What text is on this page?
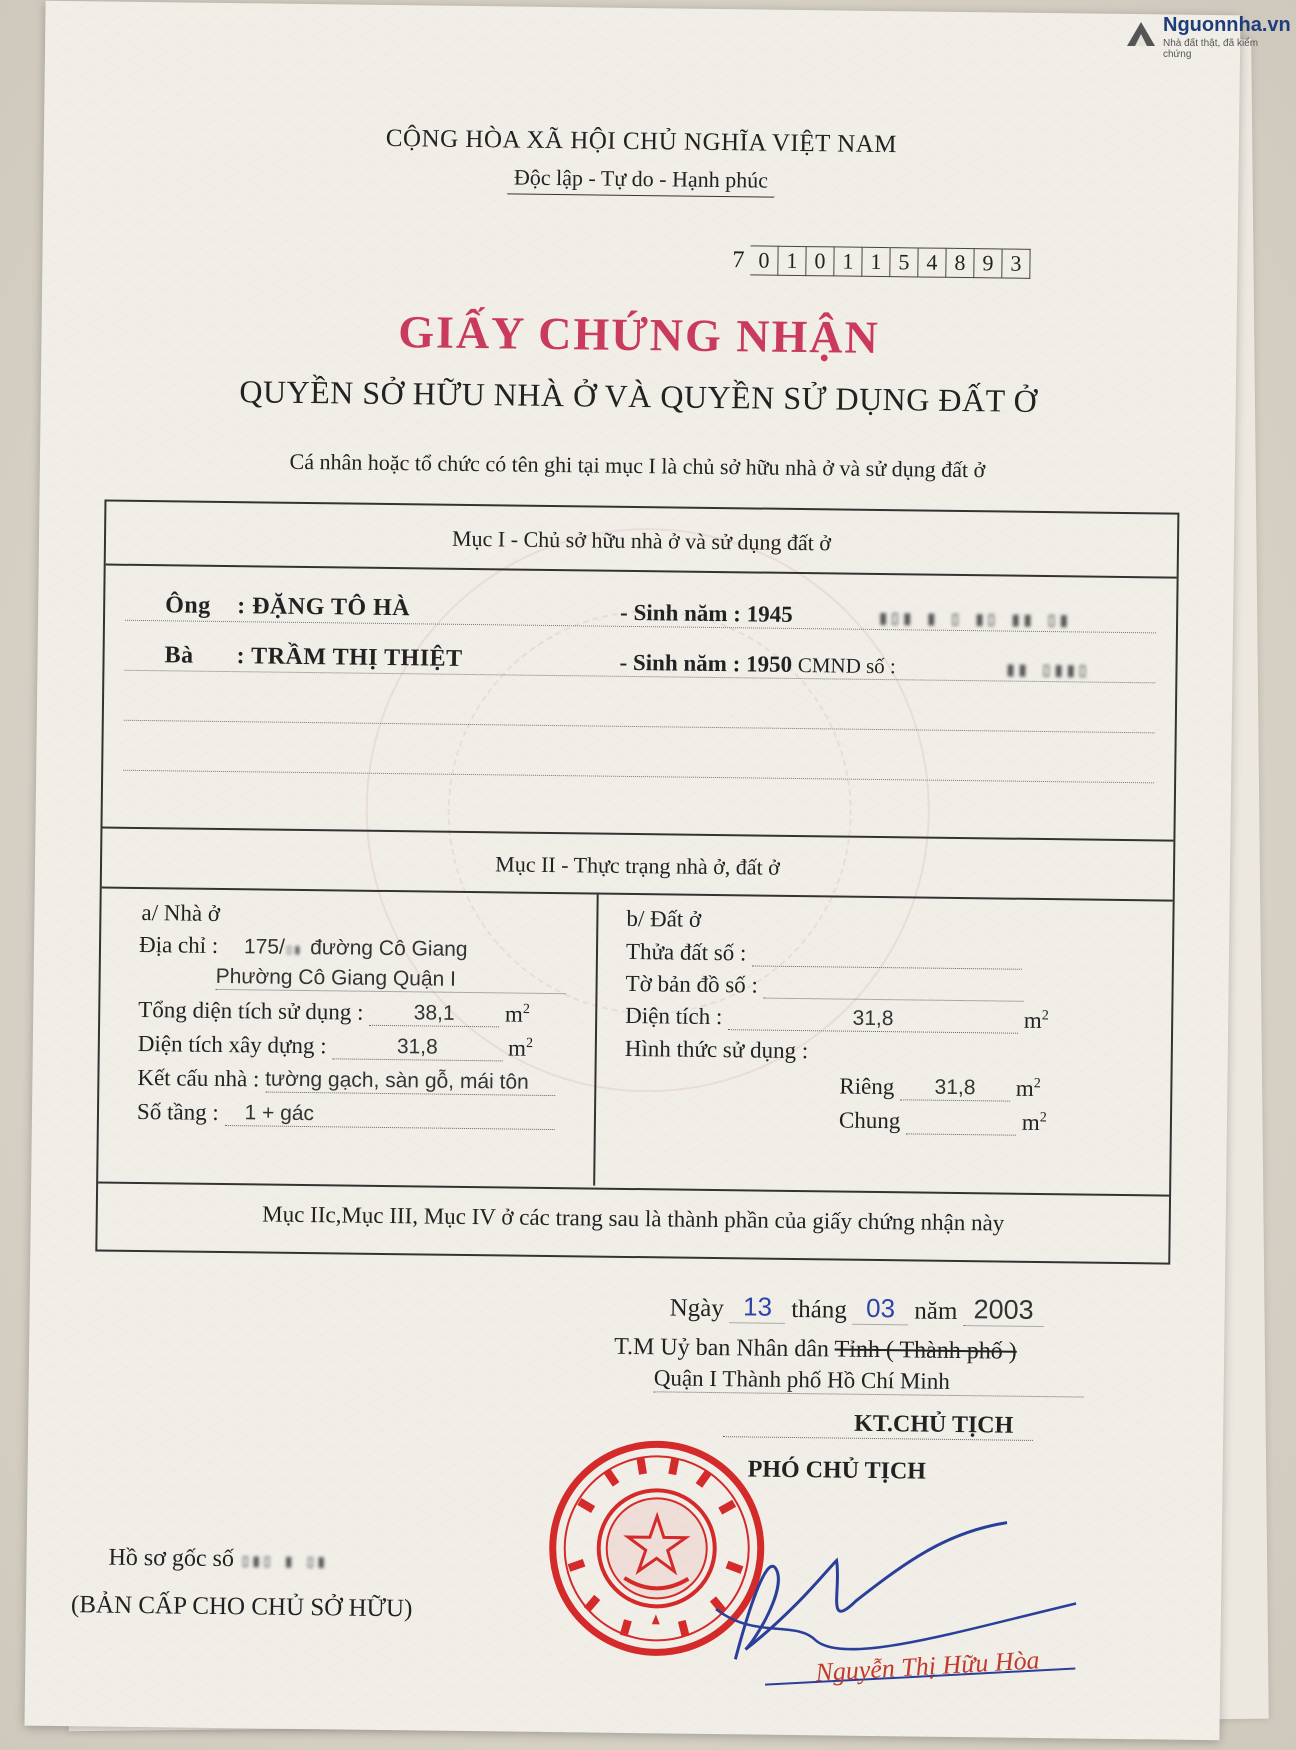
CỘNG HÒA XÃ HỘI CHỦ NGHĨA VIỆT NAM
Độc lập - Tự do - Hạnh phúc
7 0 1 0 1 1 5 4 8 9 3
GIẤY CHỨNG NHẬN
QUYỀN SỞ HỮU NHÀ Ở VÀ QUYỀN SỬ DỤNG ĐẤT Ở
Cá nhân hoặc tổ chức có tên ghi tại mục I là chủ sở hữu nhà ở và sử dụng đất ở
Mục I - Chủ sở hữu nhà ở và sử dụng đất ở
Ông : ĐẶNG TÔ HÀ	- Sinh năm : 1945	▮▯▮ ▮ ▯ ▮▯ ▮▮ ▯▮
Bà : TRẦM THỊ THIỆT	- Sinh năm : 1950 CMND số :	▮▮ ▯▮▮▯
Mục II - Thực trạng nhà ở, đất ở
a/ Nhà ở
Địa chỉ : 175/▯▮ đường Cô Giang
Phường Cô Giang Quận I
Tổng diện tích sử dụng : 38,1 $m^2$
Diện tích xây dựng :	31,8	$m^2$
Kết cấu nhà : tường gạch, sàn gỗ, mái tôn
Số tầng : 1 + gác
b/ Đất ở
Thửa đất số :
Tờ bản đồ số :
Diện tích :	31,8	$m^2$
Hình thức sử dụng :
Riêng 31,8 $m^2$
Chung	$m^2$
Mục IIc,Mục III, Mục IV ở các trang sau là thành phần của giấy chứng nhận này
Ngày 13 tháng 03 năm 2003
T.M Uỷ ban Nhân dân Tỉnh ( Thành phố )
Quận I Thành phố Hồ Chí Minh
KT.CHỦ TỊCH
PHÓ CHỦ TỊCH
Nguyễn Thị Hữu Hòa
Hồ sơ gốc số ▯▮▯ ▮ ▯▮
(BẢN CẤP CHO CHỦ SỞ HỮU)
Nguonnha.vn
Nhà đất thật, đã kiểm chứng
